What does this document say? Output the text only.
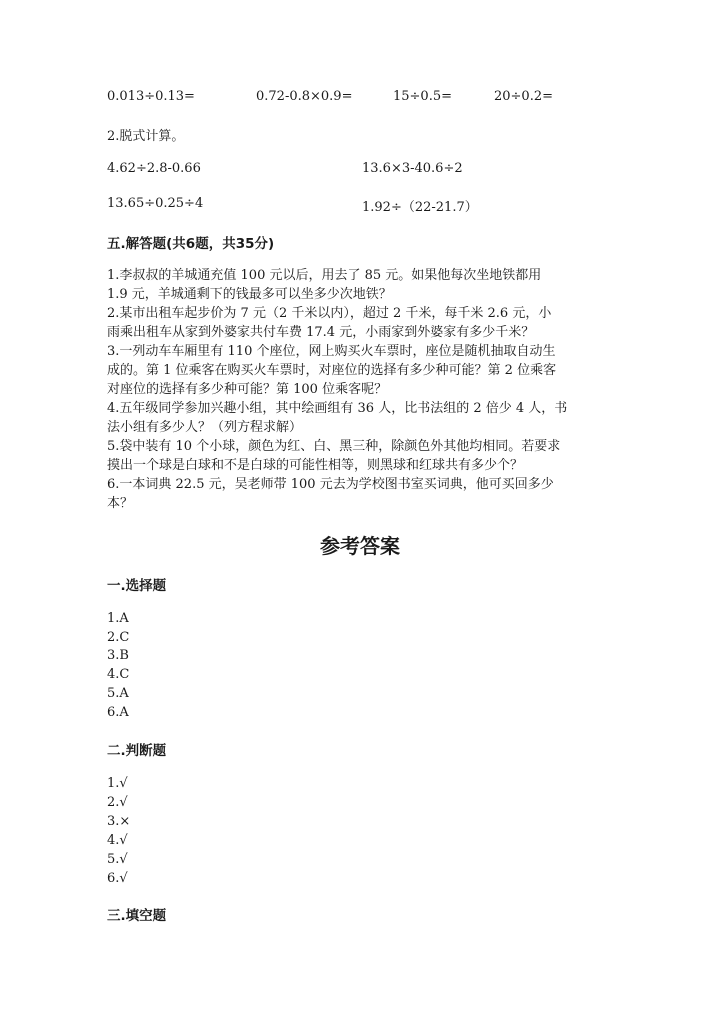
0.013÷0.13=	0.72-0.8×0.9=	15÷0.5=	20÷0.2=
2.脱式计算。
4.62÷2.8-0.66	13.6×3-40.6÷2
13.65÷0.25÷4	1.92÷（22-21.7）
五.解答题(共6题，共35分)
1.李叔叔的羊城通充值 100 元以后，用去了 85 元。如果他每次坐地铁都用
1.9 元，羊城通剩下的钱最多可以坐多少次地铁？
2.某市出租车起步价为 7 元（2 千米以内），超过 2 千米，每千米 2.6 元，小
雨乘出租车从家到外婆家共付车费 17.4 元，小雨家到外婆家有多少千米？
3.一列动车车厢里有 110 个座位，网上购买火车票时，座位是随机抽取自动生
成的。第 1 位乘客在购买火车票时，对座位的选择有多少种可能？第 2 位乘客
对座位的选择有多少种可能？第 100 位乘客呢？
4.五年级同学参加兴趣小组，其中绘画组有 36 人，比书法组的 2 倍少 4 人，书
法小组有多少人？（列方程求解）
5.袋中装有 10 个小球，颜色为红、白、黑三种，除颜色外其他均相同。若要求
摸出一个球是白球和不是白球的可能性相等，则黑球和红球共有多少个？
6.一本词典 22.5 元，吴老师带 100 元去为学校图书室买词典，他可买回多少
本？
参考答案
一.选择题
1.A
2.C
3.B
4.C
5.A
6.A
二.判断题
1.√
2.√
3.×
4.√
5.√
6.√
三.填空题
